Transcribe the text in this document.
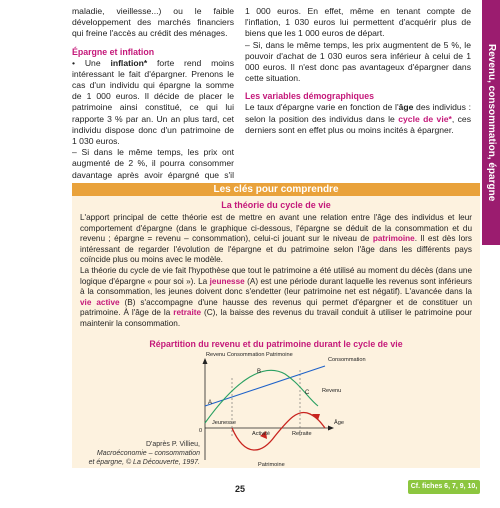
Revenu, consommation, épargne

maladie, vieillesse...) ou le faible développement des marchés financiers qui freine l'accès au crédit des ménages.

Épargne et inflation

• Une inflation* forte rend moins intéressant le fait d'épargner. Prenons le cas d'un individu qui épargne la somme de 1 000 euros. Il décide de placer le patrimoine ainsi constitué, ce qui lui rapporte 3 % par an. Un an plus tard, cet individu dispose donc d'un patrimoine de 1 030 euros.

– Si dans le même temps, les prix ont augmenté de 2 %, il pourra consommer davantage après avoir épargné que s'il

1 000 euros. En effet, même en tenant compte de l'inflation, 1 030 euros lui permettent d'acquérir plus de biens que les 1 000 euros de départ.

– Si, dans le même temps, les prix augmentent de 5 %, le pouvoir d'achat de 1 030 euros sera inférieur à celui de 1 000 euros. Il n'est donc pas avantageux d'épargner dans cette situation.

Les variables démographiques

Le taux d'épargne varie en fonction de l'âge des individus : selon la position des individus dans le cycle de vie*, ces derniers sont en effet plus ou moins incités à épargner.

Les clés pour comprendre
La théorie du cycle de vie
L'apport principal de cette théorie est de mettre en avant une relation entre l'âge des individus et leur comportement d'épargne (dans le graphique ci-dessous, l'épargne se déduit de la consommation et du revenu ; épargne = revenu – consommation), celui-ci jouant sur le niveau de patrimoine. Il est dès lors intéressant de regarder l'évolution de l'épargne et du patrimoine selon l'âge dans les différents pays coïncide plus ou moins avec le modèle.
La théorie du cycle de vie fait l'hypothèse que tout le patrimoine a été utilisé au moment du décès (dans une logique d'épargne « pour soi »). La jeunesse (A) est une période durant laquelle les revenus sont inférieurs à la consommation, les jeunes doivent donc s'endetter (leur patrimoine net est négatif). L'avancée dans la vie active (B) s'accompagne d'une hausse des revenus qui permet d'épargner et de constituer un patrimoine. À l'âge de la retraite (C), la baisse des revenus du travail conduit à utiliser le patrimoine pour maintenir la consommation.
Répartition du revenu et du patrimoine durant le cycle de vie
Revenu Consommation Patrimoine
Consommation
Revenu
Patrimoine
A
B
C
Jeunesse
Activité	Retraite
Âge
0
D'après P. Villieu,
Macroéconomie – consommation
et épargne, © La Découverte, 1997.
25	Cf. fiches 6, 7, 9, 10, 80
